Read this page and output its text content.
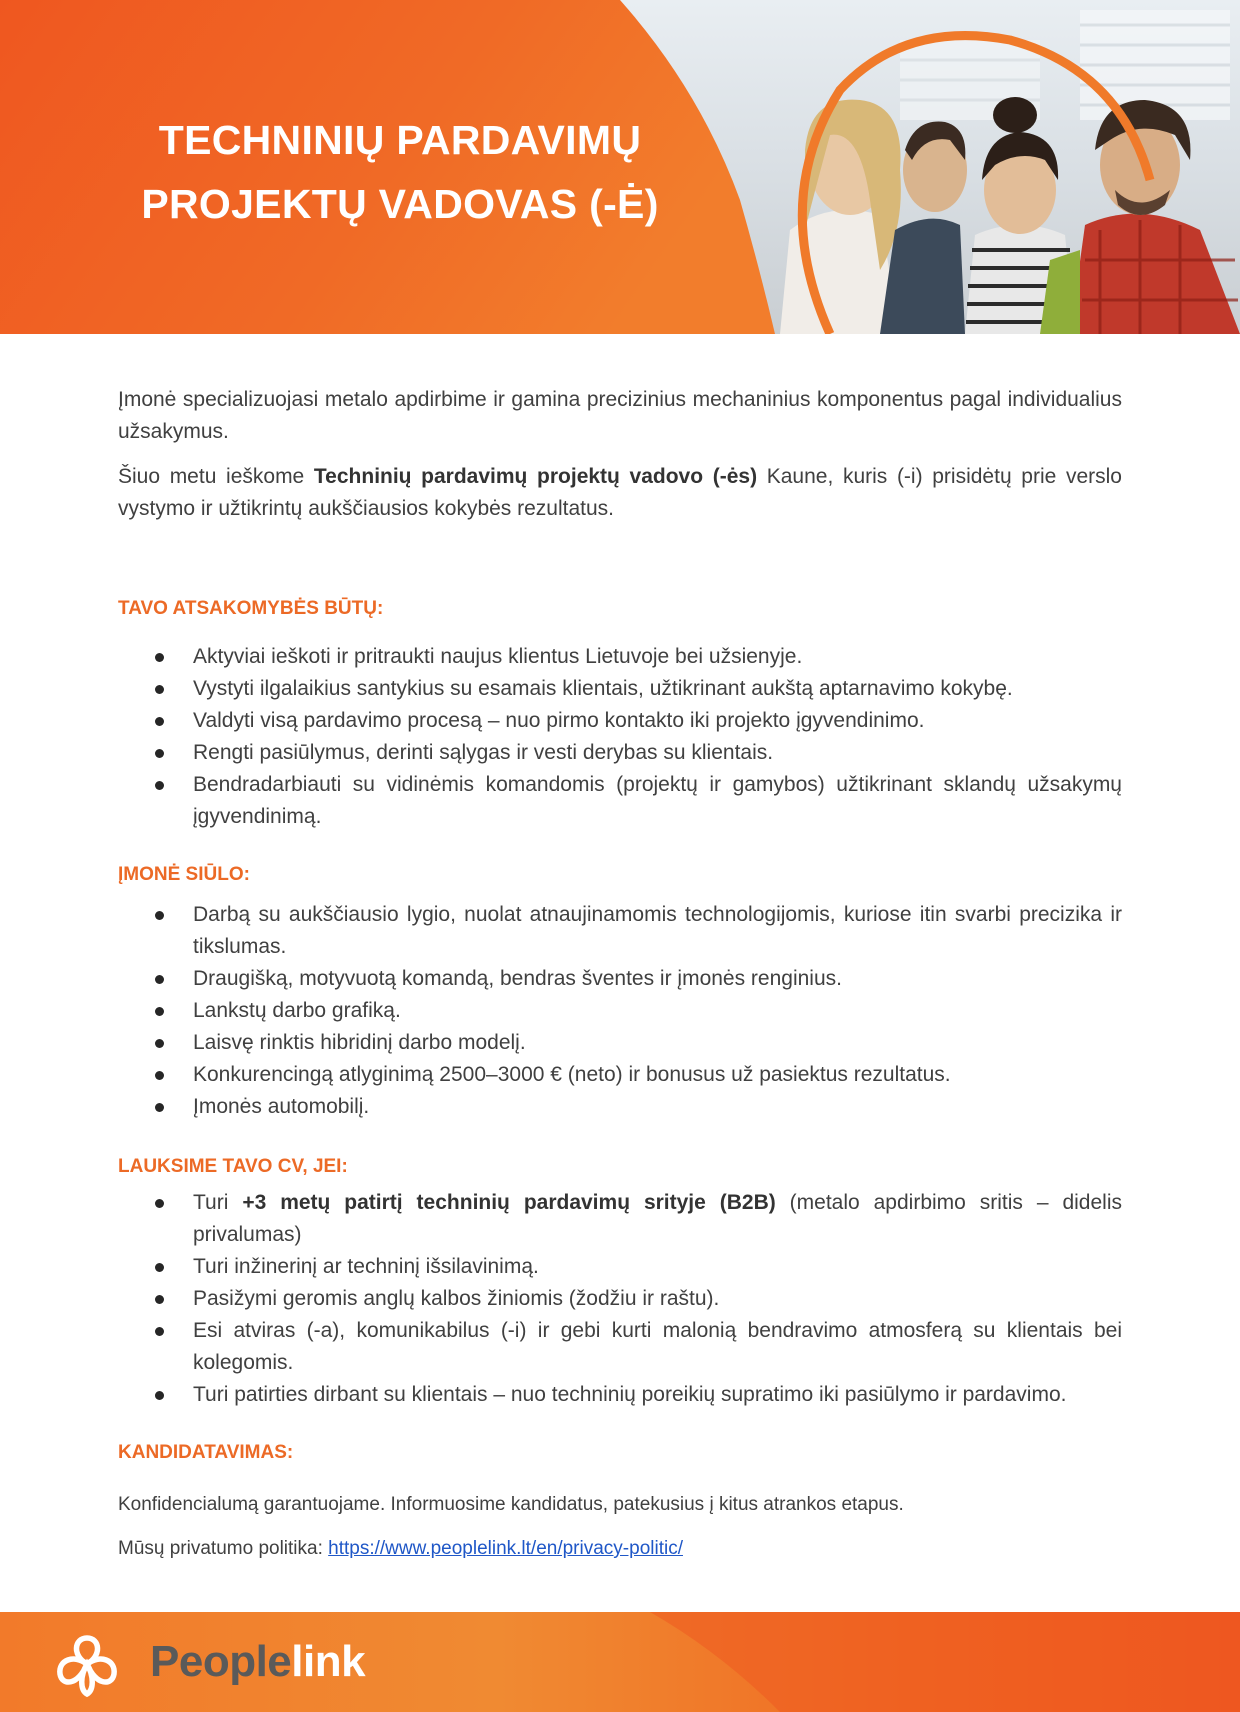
TECHNINIŲ PARDAVIMŲ
PROJEKTŲ VADOVAS (-Ė)

Įmonė specializuojasi metalo apdirbime ir gamina precizinius mechaninius komponentus pagal individualius užsakymus.

Šiuo metu ieškome Techninių pardavimų projektų vadovo (-ės) Kaune, kuris (-i) prisidėtų prie verslo vystymo ir užtikrintų aukščiausios kokybės rezultatus.

TAVO ATSAKOMYBĖS BŪTŲ:
Aktyviai ieškoti ir pritraukti naujus klientus Lietuvoje bei užsienyje.
Vystyti ilgalaikius santykius su esamais klientais, užtikrinant aukštą aptarnavimo kokybę.
Valdyti visą pardavimo procesą – nuo pirmo kontakto iki projekto įgyvendinimo.
Rengti pasiūlymus, derinti sąlygas ir vesti derybas su klientais.
Bendradarbiauti su vidinėmis komandomis (projektų ir gamybos) užtikrinant sklandų užsakymų įgyvendinimą.
ĮMONĖ SIŪLO:
Darbą su aukščiausio lygio, nuolat atnaujinamomis technologijomis, kuriose itin svarbi precizika ir tikslumas.
Draugišką, motyvuotą komandą, bendras šventes ir įmonės renginius.
Lankstų darbo grafiką.
Laisvę rinktis hibridinį darbo modelį.
Konkurencingą atlyginimą 2500–3000 € (neto) ir bonusus už pasiektus rezultatus.
Įmonės automobilį.
LAUKSIME TAVO CV, JEI:
Turi +3 metų patirtį techninių pardavimų srityje (B2B) (metalo apdirbimo sritis – didelis privalumas)
Turi inžinerinį ar techninį išsilavinimą.
Pasižymi geromis anglų kalbos žiniomis (žodžiu ir raštu).
Esi atviras (-a), komunikabilus (-i) ir gebi kurti malonią bendravimo atmosferą su klientais bei kolegomis.
Turi patirties dirbant su klientais – nuo techninių poreikių supratimo iki pasiūlymo ir pardavimo.
KANDIDATAVIMAS:

Konfidencialumą garantuojame. Informuosime kandidatus, patekusius į kitus atrankos etapus.

Mūsų privatumo politika: https://www.peoplelink.lt/en/privacy-politic/

Peoplelink
